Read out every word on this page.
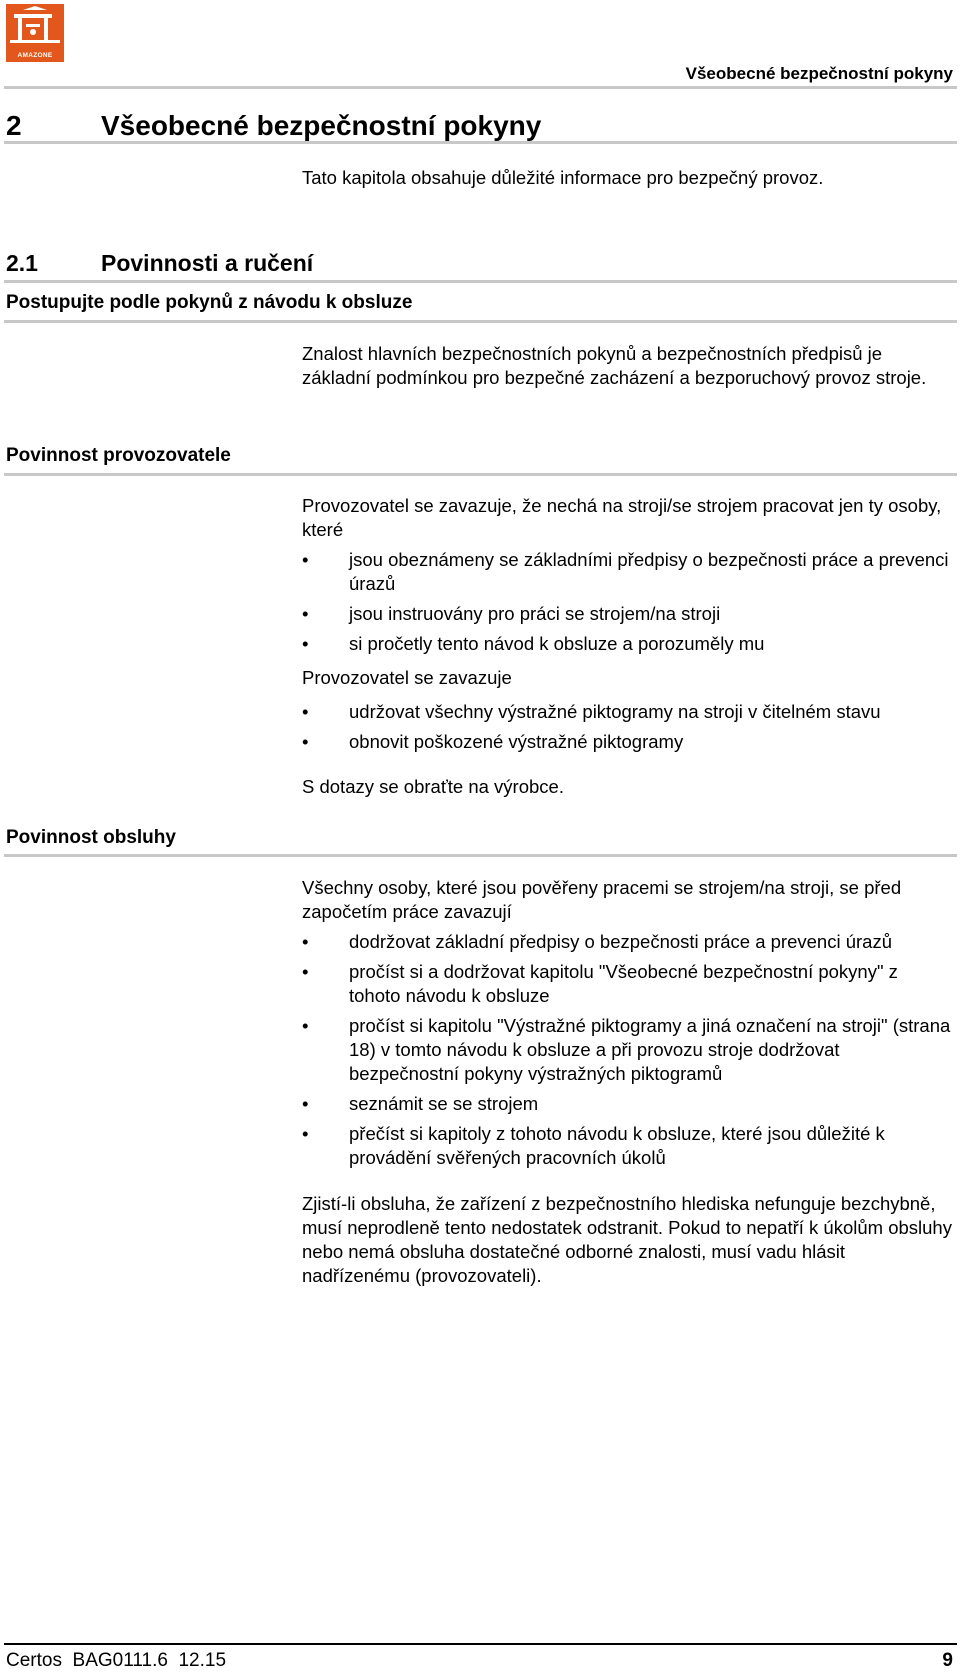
AMAZONE
Všeobecné bezpečnostní pokyny
2	Všeobecné bezpečnostní pokyny

Tato kapitola obsahuje důležité informace pro bezpečný provoz.

2.1	Povinnosti a ručení
Postupujte podle pokynů z návodu k obsluze

Znalost hlavních bezpečnostních pokynů a bezpečnostních předpisů je základní podmínkou pro bezpečné zacházení a bezporuchový provoz stroje.

Povinnost provozovatele

Provozovatel se zavazuje, že nechá na stroji/se strojem pracovat jen ty osoby, které

• jsou obeznámeny se základními předpisy o bezpečnosti práce a prevenci úrazů
• jsou instruovány pro práci se strojem/na stroji
• si pročetly tento návod k obsluze a porozuměly mu

Provozovatel se zavazuje

• udržovat všechny výstražné piktogramy na stroji v čitelném stavu
• obnovit poškozené výstražné piktogramy

S dotazy se obraťte na výrobce.

Povinnost obsluhy

Všechny osoby, které jsou pověřeny pracemi se strojem/na stroji, se před započetím práce zavazují

• dodržovat základní předpisy o bezpečnosti práce a prevenci úrazů
• pročíst si a dodržovat kapitolu "Všeobecné bezpečnostní pokyny" z tohoto návodu k obsluze
• pročíst si kapitolu "Výstražné piktogramy a jiná označení na stroji" (strana 18) v tomto návodu k obsluze a při provozu stroje dodržovat bezpečnostní pokyny výstražných piktogramů
• seznámit se se strojem
• přečíst si kapitoly z tohoto návodu k obsluze, které jsou důležité k provádění svěřených pracovních úkolů

Zjistí-li obsluha, že zařízení z bezpečnostního hlediska nefunguje bezchybně, musí neprodleně tento nedostatek odstranit. Pokud to nepatří k úkolům obsluhy nebo nemá obsluha dostatečné odborné znalosti, musí vadu hlásit nadřízenému (provozovateli).

Certos  BAG0111.6  12.15	9
